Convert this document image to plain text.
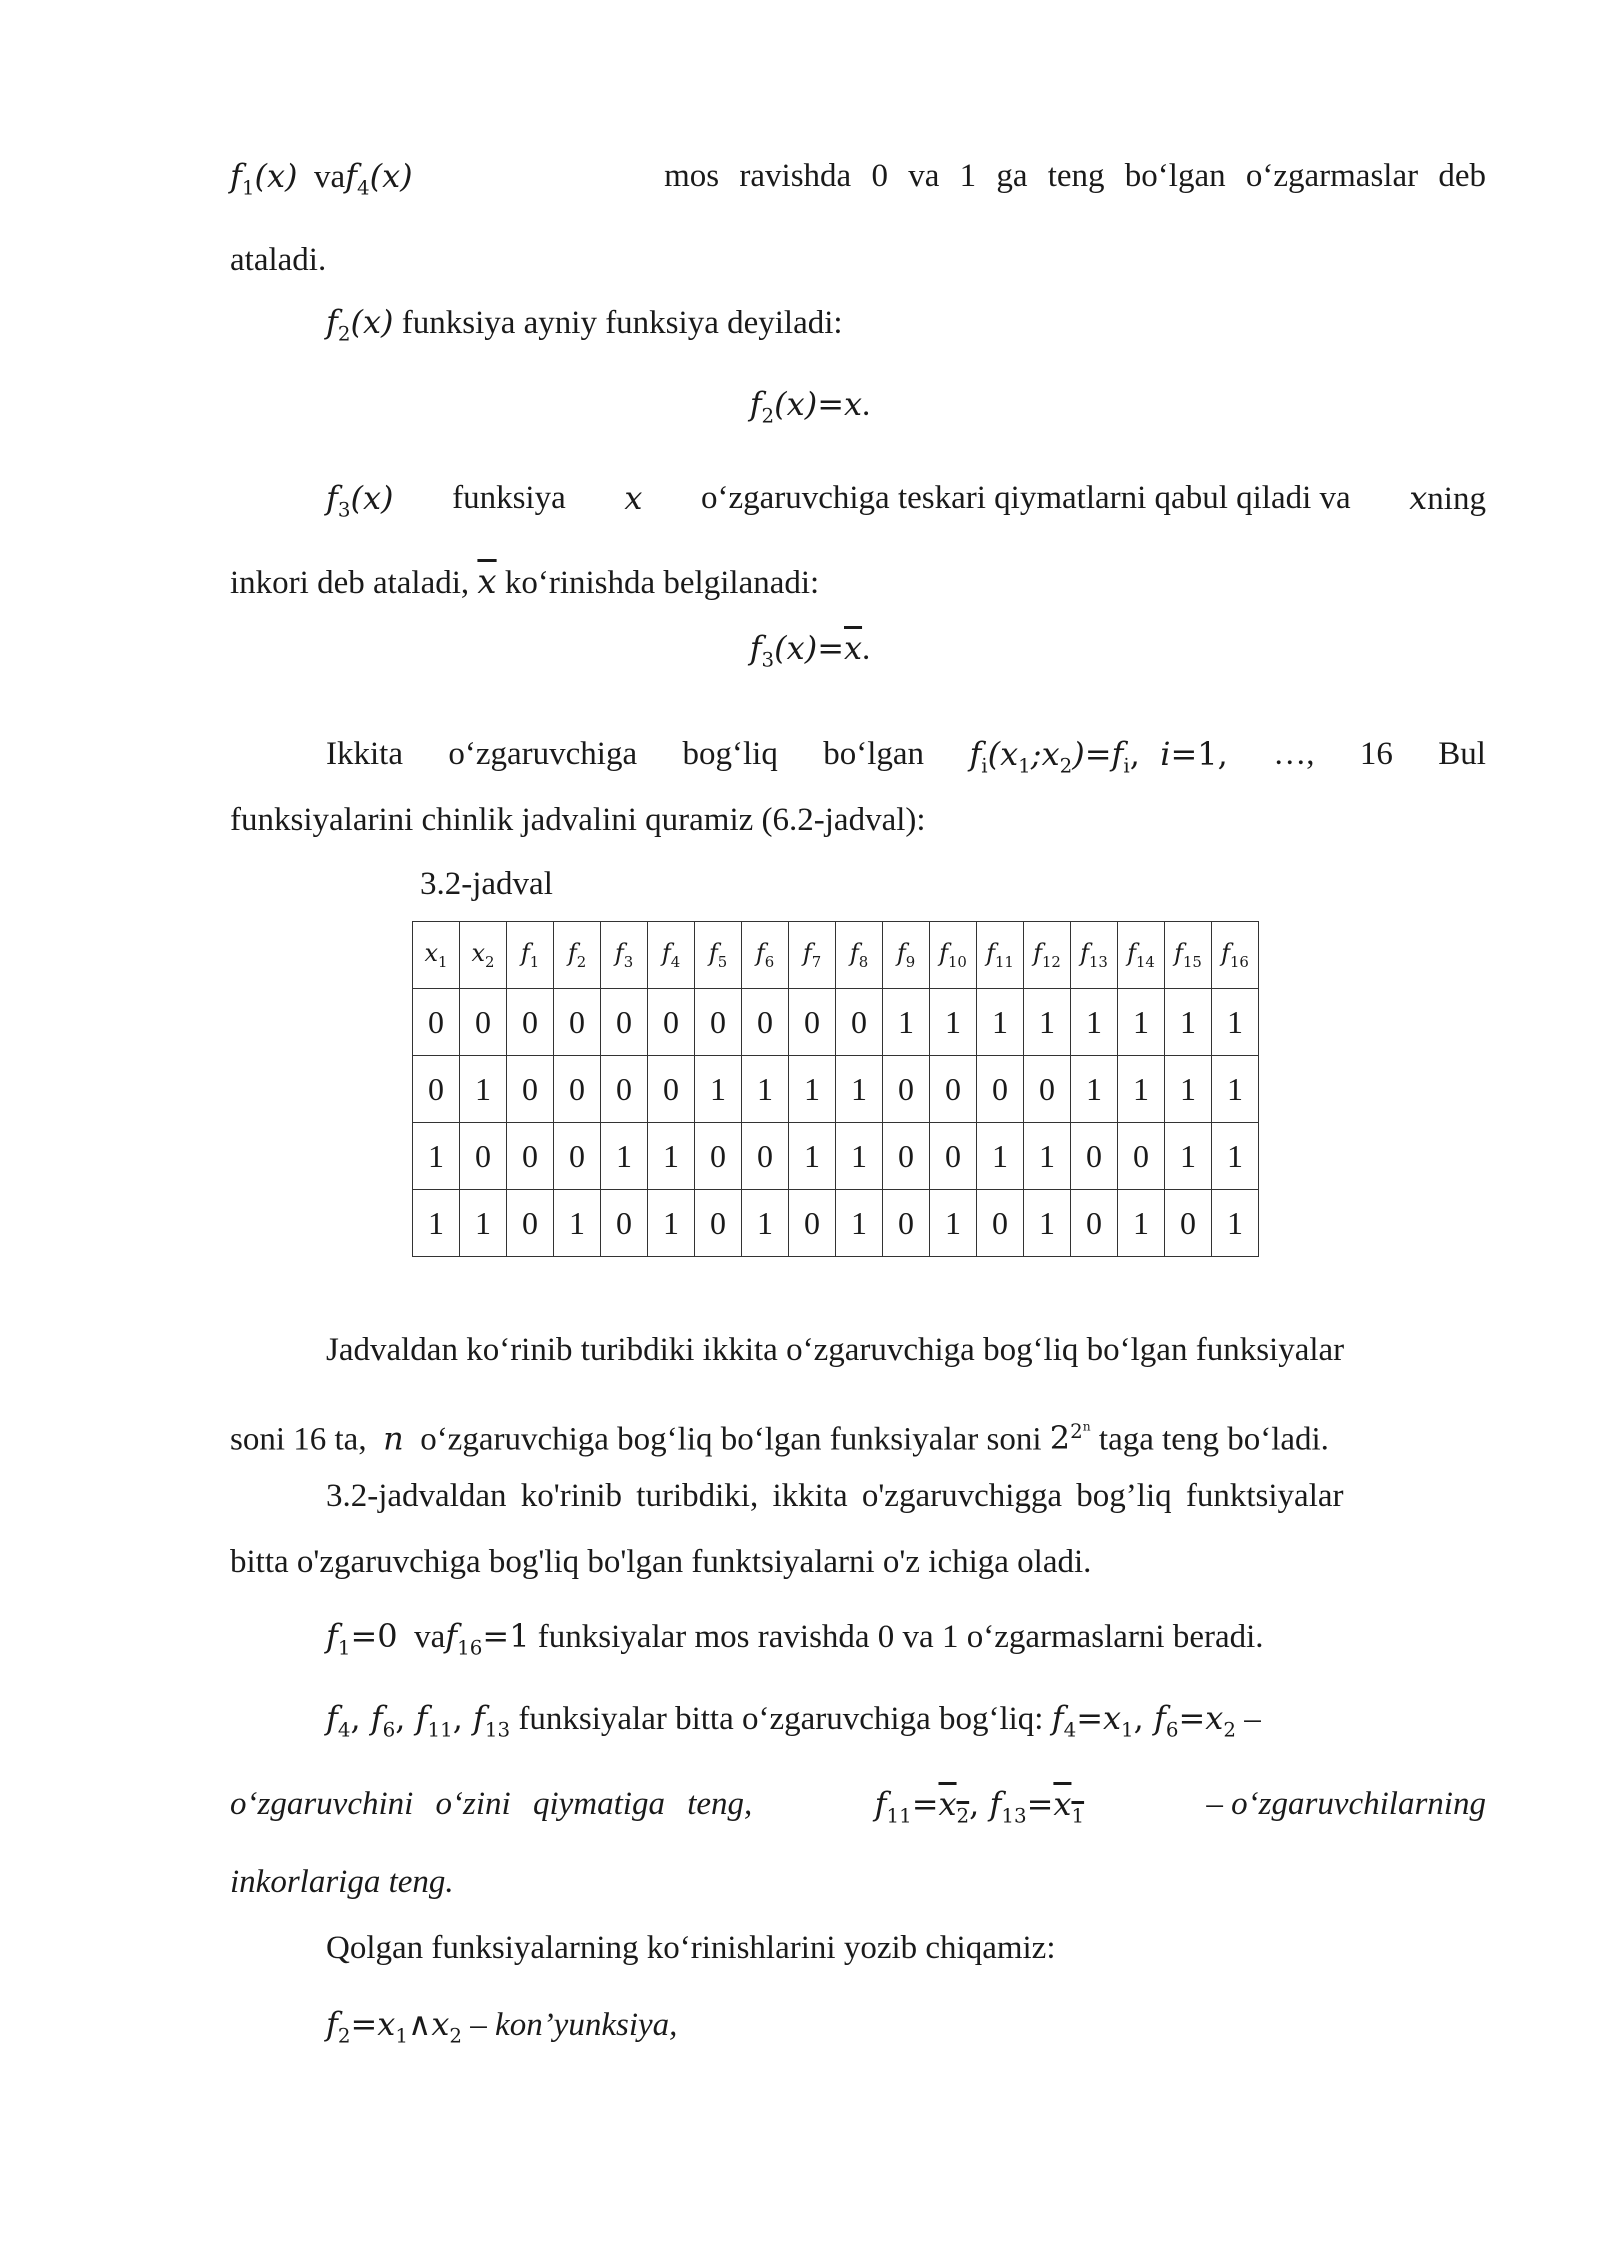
$f_1(x)$ vaf$_4$(x)	mos ravishda 0 va 1 ga teng bo‘lgan o‘zgarmaslar deb
ataladi.
$f_2(x)$ funksiya ayniy funksiya deyiladi:
$f_2(x)=x$.
$f_3(x)$ funksiya x o‘zgaruvchiga teskari qiymatlarni qabul qiladi va xning
inkori deb ataladi, $\overline{x}$ ko‘rinishda belgilanadi:
$f_3(x)=\overline{x}$.
Ikkita o‘zgaruvchiga bog‘liq bo‘lgan $f_i(x_1;x_2)=f_i$,  i=1, …, 16 Bul
funksiyalarini chinlik jadvalini quramiz (6.2-jadval):
3.2-jadval
$x_1$	$x_2$	$f_1$	$f_2$	$f_3$	$f_4$	$f_5$	$f_6$	$f_7$	$f_8$	$f_9$	$f_{10}$	$f_{11}$	$f_{12}$	$f_{13}$	$f_{14}$	$f_{15}$	$f_{16}$
0	0	0	0	0	0	0	0	0	0	1	1	1	1	1	1	1	1
0	1	0	0	0	0	1	1	1	1	0	0	0	0	1	1	1	1
1	0	0	0	1	1	0	0	1	1	0	0	1	1	0	0	1	1
1	1	0	1	0	1	0	1	0	1	0	1	0	1	0	1	0	1
Jadvaldan ko‘rinib turibdiki ikkita o‘zgaruvchiga bog‘liq bo‘lgan funksiyalar
soni 16 ta, n o‘zgaruvchiga bog‘liq bo‘lgan funksiyalar soni $2^{2^n}$ taga teng bo‘ladi.
3.2-jadvaldan ko'rinib turibdiki, ikkita o'zgaruvchigga bog’liq funktsiyalar
bitta o'zgaruvchiga bog'liq bo'lgan funktsiyalarni o'z ichiga oladi.
$f_1=0$ vaf$_{16}$=1 funksiyalar mos ravishda 0 va 1 o‘zgarmaslarni beradi.
$f_4$, $f_6$, $f_{11}$, $f_{13}$ funksiyalar bitta o‘zgaruvchiga bog‘liq: $f_4=x_1$, $f_6=x_2$ –
o‘zgaruvchini o‘zini qiymatiga teng,	$f_{11}=x_2$, $f_{13}=x_1$	– o‘zgaruvchilarning
inkorlariga teng.
Qolgan funksiyalarning ko‘rinishlarini yozib chiqamiz:
$f_2=x_1\wedge x_2$ – kon’yunksiya,
